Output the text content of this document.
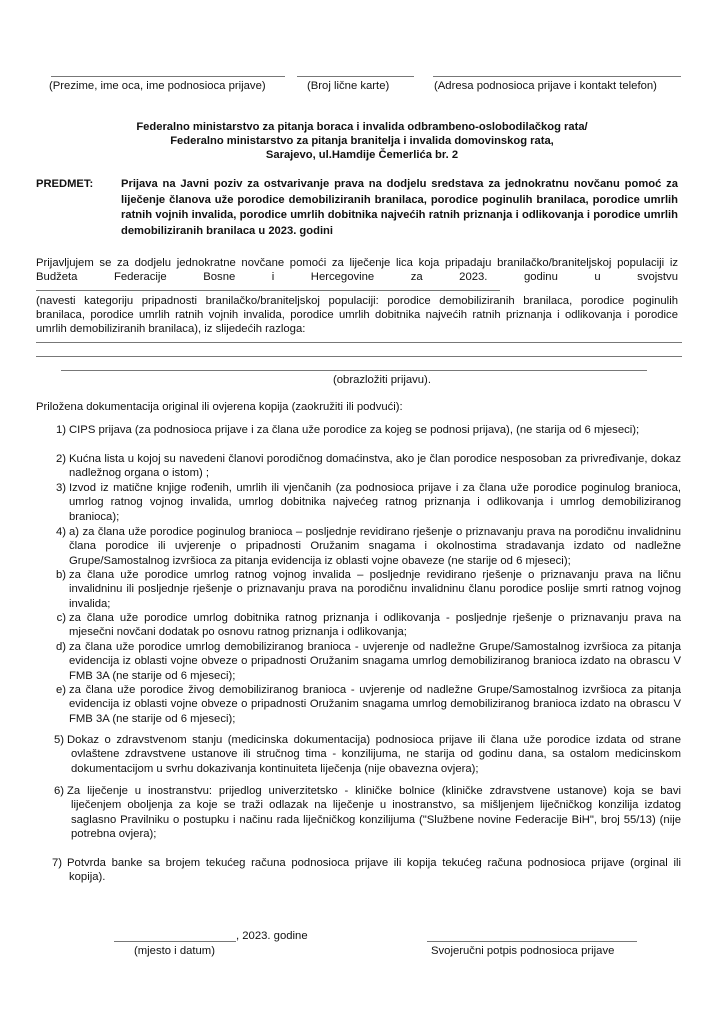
(Prezime, ime oca, ime podnosioca prijave)	(Broj lične karte)	(Adresa podnosioca prijave i kontakt telefon)
Federalno ministarstvo za pitanja boraca i invalida odbrambeno-oslobodilačkog rata/
Federalno ministarstvo za pitanja branitelja i invalida domovinskog rata,
Sarajevo, ul.Hamdije Čemerlića br. 2
PREDMET: Prijava na Javni poziv za ostvarivanje prava na dodjelu sredstava za jednokratnu novčanu pomoć za liječenje članova uže porodice demobiliziranih branilaca, porodice poginulih branilaca, porodice umrlih ratnih vojnih invalida, porodice umrlih dobitnika najvećih ratnih priznanja i odlikovanja i porodice umrlih demobiliziranih branilaca u 2023. godini
Prijavljujem se za dodjelu jednokratne novčane pomoći za liječenje lica koja pripadaju branilačko/braniteljskoj populaciji iz Budžeta Federacije Bosne i Hercegovine za 2023. godinu u svojstvu
(navesti kategoriju pripadnosti branilačko/braniteljskoj populaciji: porodice demobiliziranih branilaca, porodice poginulih branilaca, porodice umrlih ratnih vojnih invalida, porodice umrlih dobitnika najvećih ratnih priznanja i odlikovanja i porodice umrlih demobiliziranih branilaca), iz slijedećih razloga:
(obrazložiti prijavu).
Priložena dokumentacija original ili ovjerena kopija (zaokružiti ili podvući):
1) CIPS prijava (za podnosioca prijave i za člana uže porodice za kojeg se podnosi prijava), (ne starija od 6 mjeseci);
2) Kućna lista u kojoj su navedeni članovi porodičnog domaćinstva, ako je član porodice nesposoban za privređivanje, dokaz nadležnog organa o istom) ;
3) Izvod iz matične knjige rođenih, umrlih ili vjenčanih (za podnosioca prijave i za člana uže porodice poginulog branioca, umrlog ratnog vojnog invalida, umrlog dobitnika najvećeg ratnog priznanja i odlikovanja i umrlog demobiliziranog branioca);
4) a) za člana uže porodice poginulog branioca – posljednje revidirano rješenje o priznavanju prava na porodičnu invalidninu člana porodice ili uvjerenje o pripadnosti Oružanim snagama i okolnostima stradavanja izdato od nadležne Grupe/Samostalnog izvršioca za pitanja evidencija iz oblasti vojne obaveze (ne starije od 6 mjeseci);
b) za člana uže porodice umrlog ratnog vojnog invalida – posljednje revidirano rješenje o priznavanju prava na ličnu invalidninu ili posljednje rješenje o priznavanju prava na porodičnu invalidninu članu porodice poslije smrti ratnog vojnog invalida;
c) za člana uže porodice umrlog dobitnika ratnog priznanja i odlikovanja - posljednje rješenje o priznavanju prava na mjesečni novčani dodatak po osnovu ratnog priznanja i odlikovanja;
d) za člana uže porodice umrlog demobiliziranog branioca - uvjerenje od nadležne Grupe/Samostalnog izvršioca za pitanja evidencija iz oblasti vojne obveze o pripadnosti Oružanim snagama umrlog demobiliziranog branioca izdato na obrascu V FMB 3A (ne starije od 6 mjeseci);
e) za člana uže porodice živog demobiliziranog branioca - uvjerenje od nadležne Grupe/Samostalnog izvršioca za pitanja evidencija iz oblasti vojne obveze o pripadnosti Oružanim snagama umrlog demobiliziranog branioca izdato na obrascu V FMB 3A (ne starije od 6 mjeseci);
5) Dokaz o zdravstvenom stanju (medicinska dokumentacija) podnosioca prijave ili člana uže porodice izdata od strane ovlaštene zdravstvene ustanove ili stručnog tima - konzilijuma, ne starija od godinu dana, sa ostalom medicinskom dokumentacijom u svrhu dokazivanja kontinuiteta liječenja (nije obavezna ovjera);
6) Za liječenje u inostranstvu: prijedlog univerzitetsko - kliničke bolnice (kliničke zdravstvene ustanove) koja se bavi liječenjem oboljenja za koje se traži odlazak na liječenje u inostranstvo, sa mišljenjem liječničkog konzilija izdatog saglasno Pravilniku o postupku i načinu rada liječničkog konzilijuma ("Službene novine Federacije BiH", broj 55/13) (nije potrebna ovjera);
7) Potvrda banke sa brojem tekućeg računa podnosioca prijave ili kopija tekućeg računa podnosioca prijave (orginal ili kopija).
, 2023. godine
(mjesto i datum)	Svojeručni potpis podnosioca prijave
